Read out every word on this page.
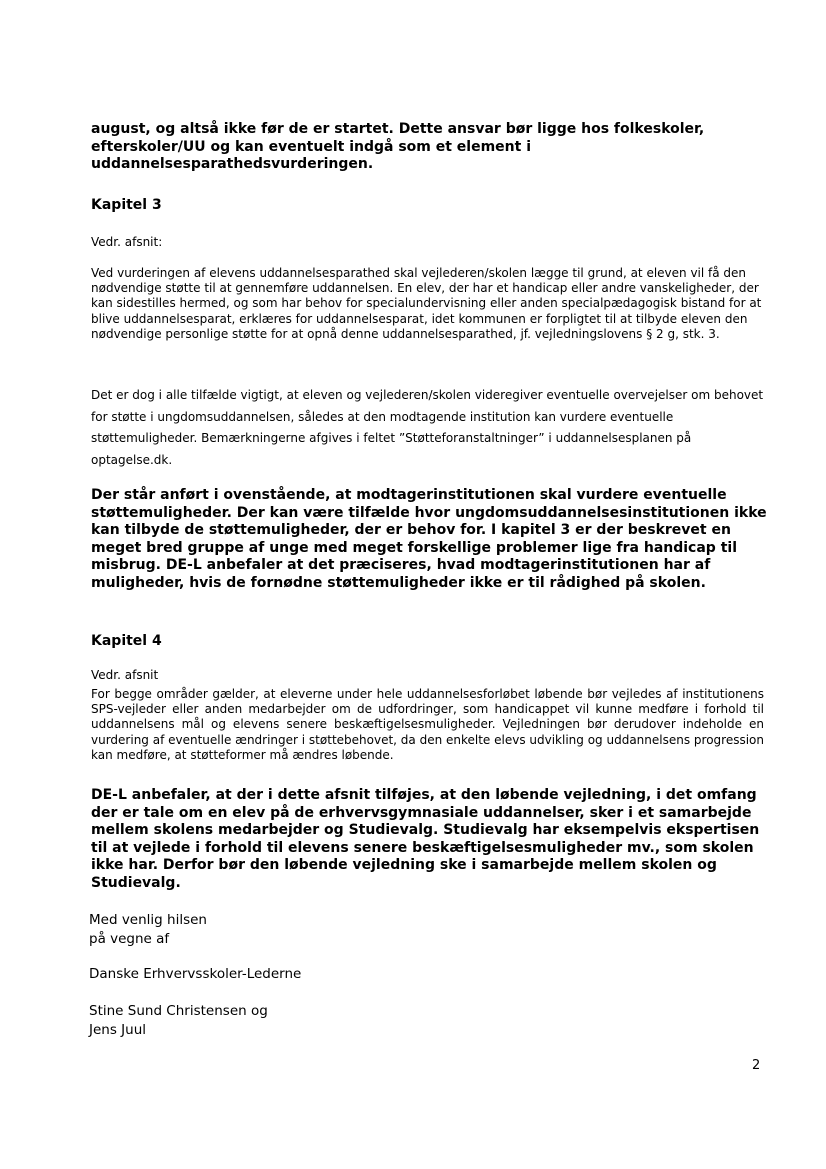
august, og altså ikke før de er startet. Dette ansvar bør ligge hos folkeskoler, efterskoler/UU og kan eventuelt indgå som et element i uddannelsesparathedsvurderingen.
Kapitel 3
Vedr. afsnit:
Ved vurderingen af elevens uddannelsesparathed skal vejlederen/skolen lægge til grund, at eleven vil få den nødvendige støtte til at gennemføre uddannelsen. En elev, der har et handicap eller andre vanskeligheder, der kan sidestilles hermed, og som har behov for specialundervisning eller anden specialpædagogisk bistand for at blive uddannelsesparat, erklæres for uddannelsesparat, idet kommunen er forpligtet til at tilbyde eleven den nødvendige personlige støtte for at opnå denne uddannelsesparathed, jf. vejledningslovens § 2 g, stk. 3.
Det er dog i alle tilfælde vigtigt, at eleven og vejlederen/skolen videregiver eventuelle overvejelser om behovet for støtte i ungdomsuddannelsen, således at den modtagende institution kan vurdere eventuelle støttemuligheder. Bemærkningerne afgives i feltet ”Støtteforanstaltninger” i uddannelsesplanen på optagelse.dk.
Der står anført i ovenstående, at modtagerinstitutionen skal vurdere eventuelle støttemuligheder. Der kan være tilfælde hvor ungdomsuddannelsesinstitutionen ikke kan tilbyde de støttemuligheder, der er behov for. I kapitel 3 er der beskrevet en meget bred gruppe af unge med meget forskellige problemer lige fra handicap til misbrug. DE-L anbefaler at det præciseres, hvad modtagerinstitutionen har af muligheder, hvis de fornødne støttemuligheder ikke er til rådighed på skolen.
Kapitel 4
Vedr. afsnit
For begge områder gælder, at eleverne under hele uddannelsesforløbet løbende bør vejledes af institutionens SPS-vejleder eller anden medarbejder om de udfordringer, som handicappet vil kunne medføre i forhold til uddannelsens mål og elevens senere beskæftigelsesmuligheder. Vejledningen bør derudover indeholde en vurdering af eventuelle ændringer i støttebehovet, da den enkelte elevs udvikling og uddannelsens progression kan medføre, at støtteformer må ændres løbende.
DE-L anbefaler, at der i dette afsnit tilføjes, at den løbende vejledning, i det omfang der er tale om en elev på de erhvervsgymnasiale uddannelser, sker i et samarbejde mellem skolens medarbejder og Studievalg. Studievalg har eksempelvis ekspertisen til at vejlede i forhold til elevens senere beskæftigelsesmuligheder mv., som skolen ikke har. Derfor bør den løbende vejledning ske i samarbejde mellem skolen og Studievalg.
Med venlig hilsen
på vegne af
Danske Erhvervsskoler-Lederne
Stine Sund Christensen og
Jens Juul
2
